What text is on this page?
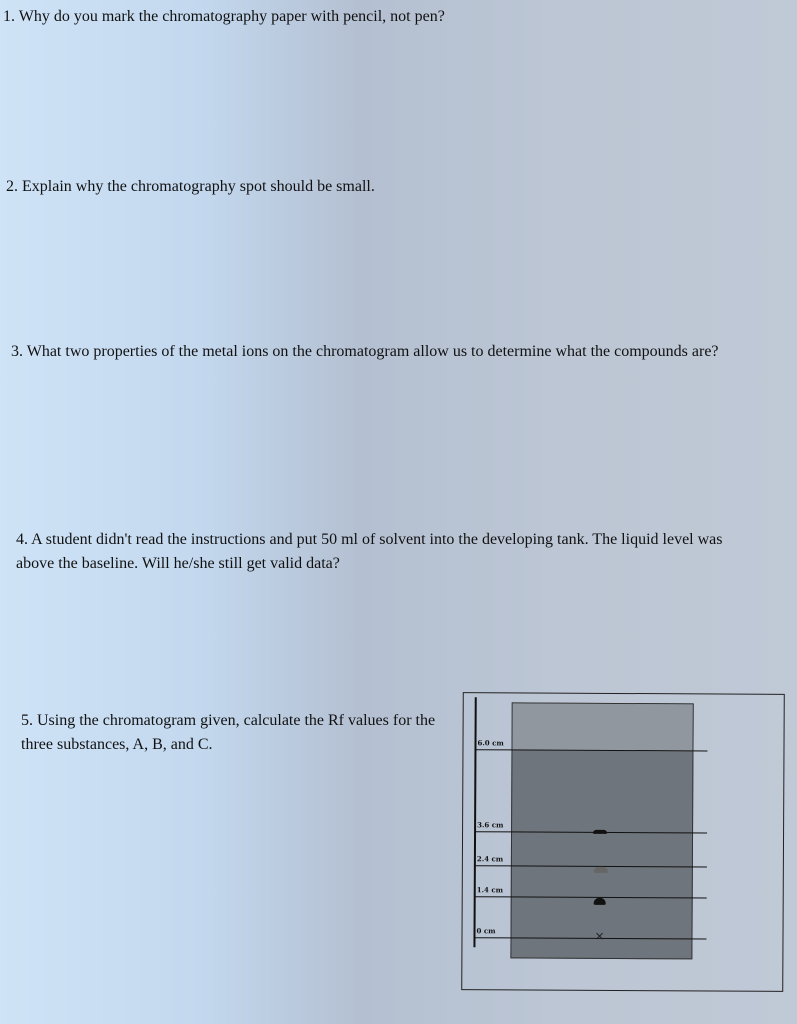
1. Why do you mark the chromatography paper with pencil, not pen?
2. Explain why the chromatography spot should be small.
3. What two properties of the metal ions on the chromatogram allow us to determine what the compounds are?
4. A student didn't read the instructions and put 50 ml of solvent into the developing tank. The liquid level was above the baseline. Will he/she still get valid data?
5. Using the chromatogram given, calculate the Rf values for the three substances, A, B, and C.	6.0 cm
3.6 cm
2.4 cm
1.4 cm
0 cm	×
